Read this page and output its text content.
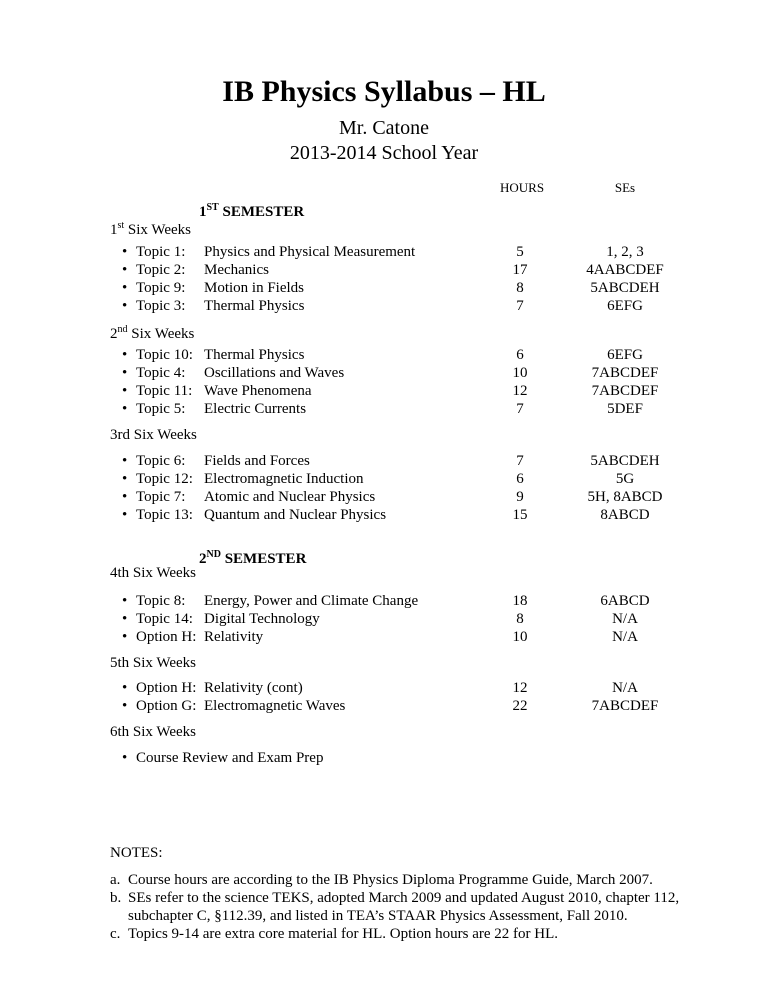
IB Physics Syllabus – HL
Mr. Catone
2013-2014 School Year
HOURS	SEs
1ST SEMESTER
1st Six Weeks
• Topic 1: Physics and Physical Measurement	5	1, 2, 3
• Topic 2: Mechanics	17	4AABCDEF
• Topic 9: Motion in Fields	8	5ABCDEH
• Topic 3: Thermal Physics	7	6EFG
2nd Six Weeks
• Topic 10: Thermal Physics	6	6EFG
• Topic 4: Oscillations and Waves	10	7ABCDEF
• Topic 11: Wave Phenomena	12	7ABCDEF
• Topic 5: Electric Currents	7	5DEF
3rd Six Weeks
• Topic 6: Fields and Forces	7	5ABCDEH
• Topic 12: Electromagnetic Induction	6	5G
• Topic 7: Atomic and Nuclear Physics	9	5H, 8ABCD
• Topic 13: Quantum and Nuclear Physics	15	8ABCD
2ND SEMESTER
4th Six Weeks
• Topic 8: Energy, Power and Climate Change	18	6ABCD
• Topic 14: Digital Technology	8	N/A
• Option H: Relativity	10	N/A
5th Six Weeks
• Option H: Relativity (cont)	12	N/A
• Option G: Electromagnetic Waves	22	7ABCDEF
6th Six Weeks
• Course Review and Exam Prep
NOTES:
a. Course hours are according to the IB Physics Diploma Programme Guide, March 2007.
b. SEs refer to the science TEKS, adopted March 2009 and updated August 2010, chapter 112, subchapter C, §112.39, and listed in TEA’s STAAR Physics Assessment, Fall 2010.
c. Topics 9-14 are extra core material for HL. Option hours are 22 for HL.
